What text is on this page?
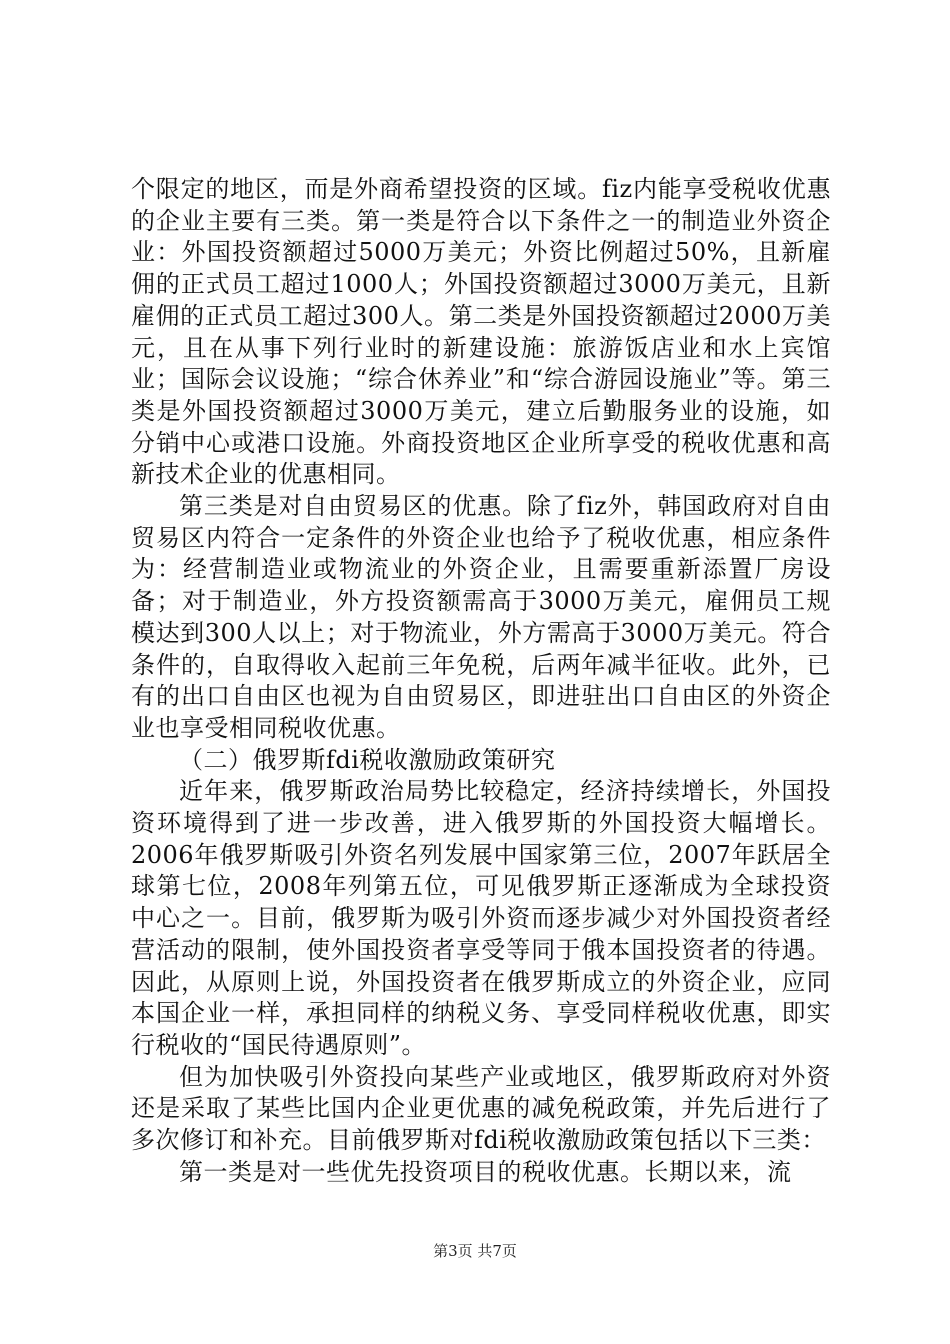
个限定的地区，而是外商希望投资的区域。fiz内能享受税收优惠的企业主要有三类。第一类是符合以下条件之一的制造业外资企业：外国投资额超过5000万美元；外资比例超过50%，且新雇佣的正式员工超过1000人；外国投资额超过3000万美元，且新雇佣的正式员工超过300人。第二类是外国投资额超过2000万美元，且在从事下列行业时的新建设施：旅游饭店业和水上宾馆业；国际会议设施；“综合休养业”和“综合游园设施业”等。第三类是外国投资额超过3000万美元，建立后勤服务业的设施，如分销中心或港口设施。外商投资地区企业所享受的税收优惠和高新技术企业的优惠相同。

第三类是对自由贸易区的优惠。除了fiz外，韩国政府对自由贸易区内符合一定条件的外资企业也给予了税收优惠，相应条件为：经营制造业或物流业的外资企业，且需要重新添置厂房设备；对于制造业，外方投资额需高于3000万美元，雇佣员工规模达到300人以上；对于物流业，外方需高于3000万美元。符合条件的，自取得收入起前三年免税，后两年减半征收。此外，已有的出口自由区也视为自由贸易区，即进驻出口自由区的外资企业也享受相同税收优惠。

（二）俄罗斯fdi税收激励政策研究

近年来，俄罗斯政治局势比较稳定，经济持续增长，外国投资环境得到了进一步改善，进入俄罗斯的外国投资大幅增长。2006年俄罗斯吸引外资名列发展中国家第三位，2007年跃居全球第七位，2008年列第五位，可见俄罗斯正逐渐成为全球投资中心之一。目前，俄罗斯为吸引外资而逐步减少对外国投资者经营活动的限制，使外国投资者享受等同于俄本国投资者的待遇。因此，从原则上说，外国投资者在俄罗斯成立的外资企业，应同本国企业一样，承担同样的纳税义务、享受同样税收优惠，即实行税收的“国民待遇原则”。

但为加快吸引外资投向某些产业或地区，俄罗斯政府对外资还是采取了某些比国内企业更优惠的减免税政策，并先后进行了多次修订和补充。目前俄罗斯对fdi税收激励政策包括以下三类：

第一类是对一些优先投资项目的税收优惠。长期以来，流

第3页 共7页
